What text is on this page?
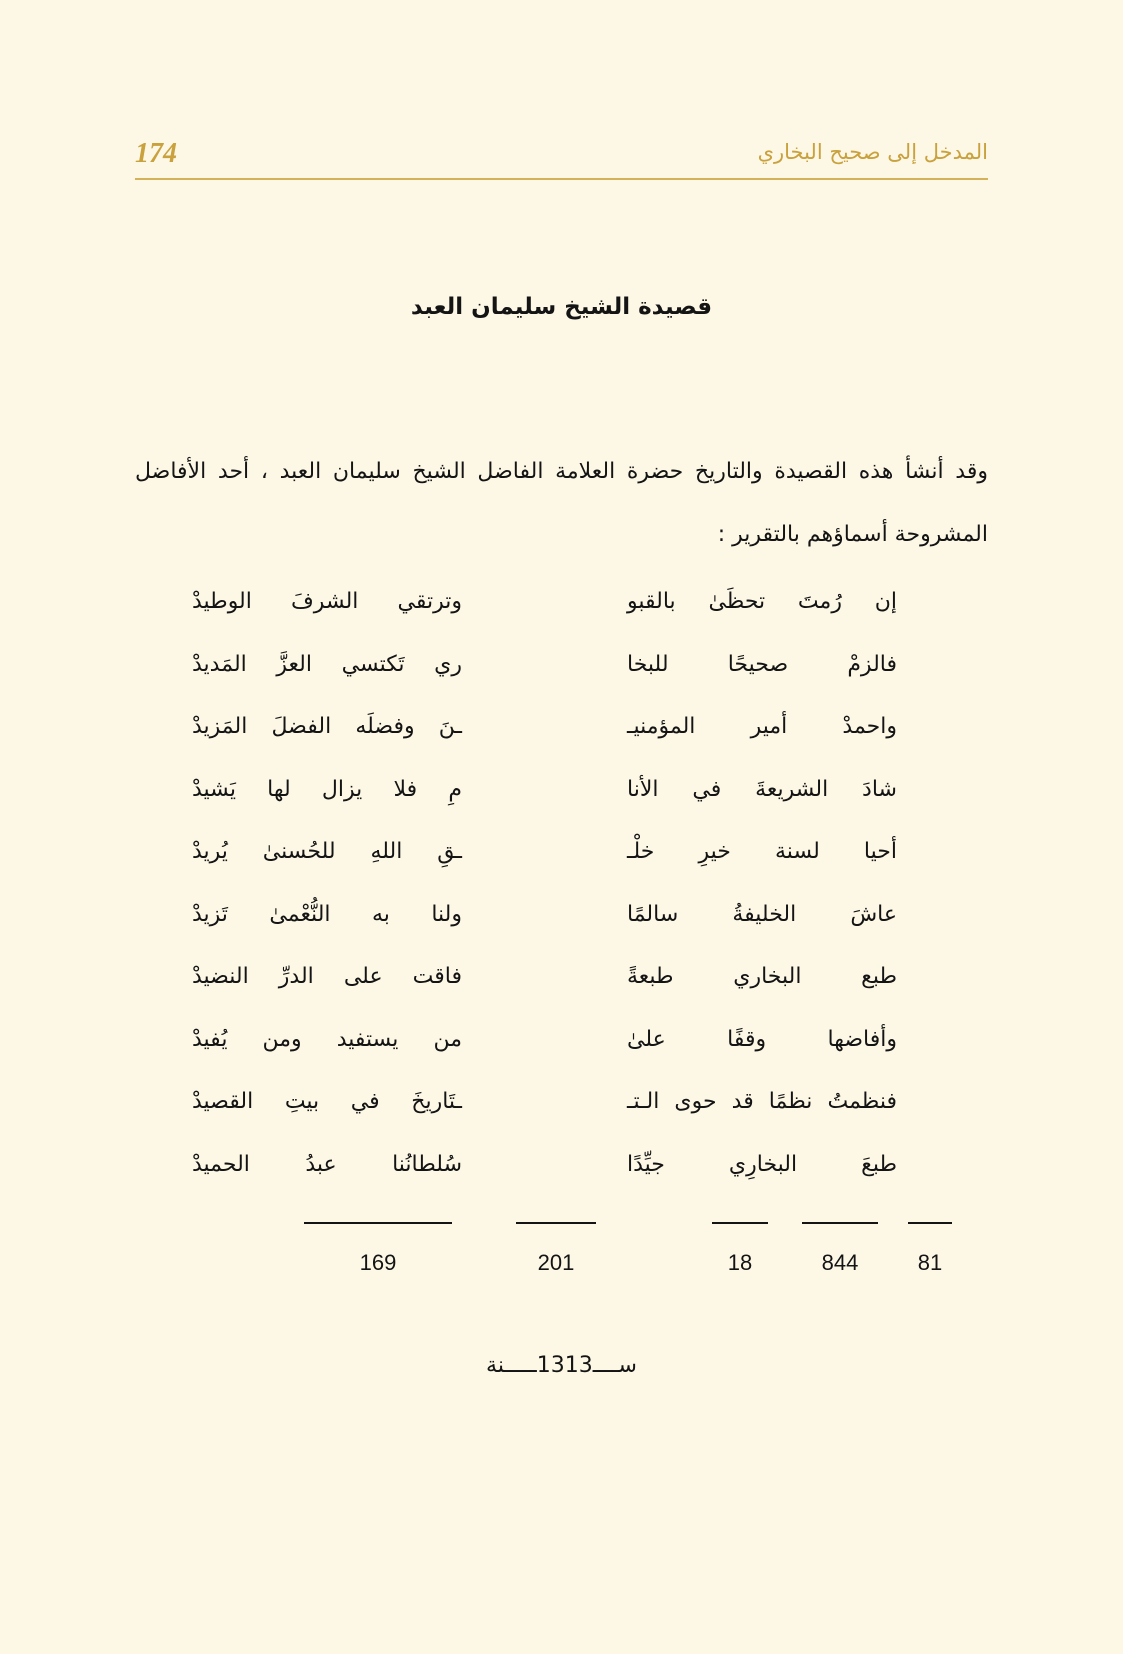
174	المدخل إلى صحيح البخاري
قصيدة الشيخ سليمان العبد

وقد أنشأ هذه القصيدة والتاريخ حضرة العلامة الفاضل الشيخ سليمان العبد ، أحد الأفاضل المشروحة أسماؤهم بالتقرير :

إن رُمتَ تحظَىٰ بالقبو
وترتقي الشرفَ الوطيدْ
فالزمْ صحيحًا للبخا
ري تَكتسي العزَّ المَديدْ
واحمدْ أمير المؤمنيـ
ـنَ وفضلَه الفضلَ المَزيدْ
شادَ الشريعةَ في الأنا
مِ فلا يزال لها يَشيدْ
أحيا لسنة خيرِ خلْـ
ـقِ اللهِ للحُسنىٰ يُريدْ
عاشَ الخليفةُ سالمًا
ولنا به النُّعْمىٰ تَزيدْ
طبع البخاري طبعةً
فاقت على الدرِّ النضيدْ
وأفاضها وقفًا علىٰ
من يستفيد ومن يُفيدْ
فنظمتُ نظمًا قد حوى الـتـ
ـتَاريخَ في بيتِ القصيدْ
طبعَ البخارِي جيِّدًا
سُلطانُنا عبدُ الحميدْ
81
844
18
201
169
ســــ1313ـــــنة
